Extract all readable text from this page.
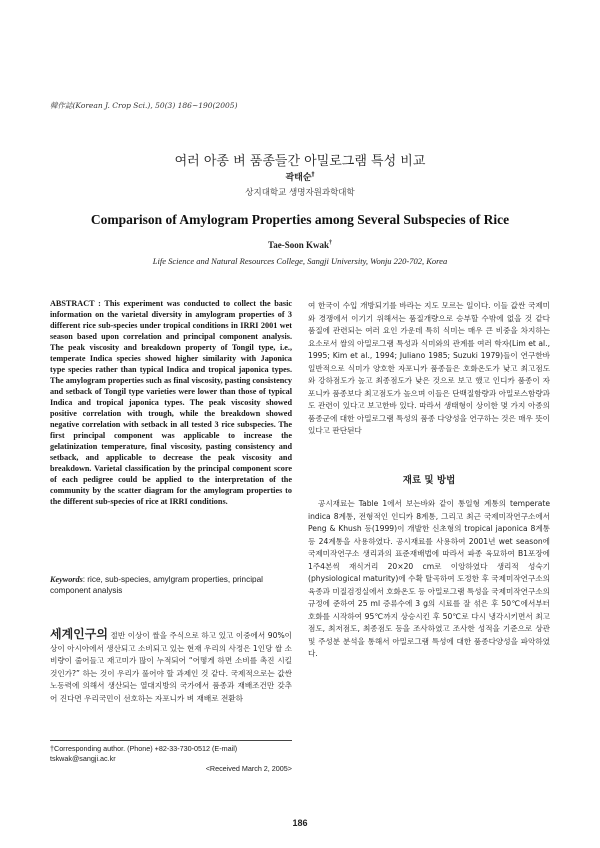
韓作誌(Korean J. Crop Sci.), 50(3) 186~190(2005)
여러 아종 벼 품종들간 아밀로그램 특성 비교
곽태순†
상지대학교 생명자원과학대학
Comparison of Amylogram Properties among Several Subspecies of Rice
Tae-Soon Kwak†
Life Science and Natural Resources College, Sangji University, Wonju 220-702, Korea
ABSTRACT : This experiment was conducted to collect the basic information on the varietal diversity in amylogram properties of 3 different rice sub-species under tropical conditions in IRRI 2001 wet season based upon correlation and principal component analysis. The peak viscosity and breakdown property of Tongil type, i.e., temperate Indica species showed higher similarity with Japonica type species rather than typical Indica and tropical japonica types. The amylogram properties such as final viscosity, pasting consistency and setback of Tongil type varieties were lower than those of typical Indica and tropical japonica types. The peak viscosity showed positive correlation with trough, while the breakdown showed negative correlation with setback in all tested 3 rice subspecies. The first principal component was applicable to increase the gelatinization temperature, final viscosity, pasting consistency and setback, and applicable to decrease the peak viscosity and breakdown. Varietal classification by the principal component score of each pedigree could be applied to the interpretation of the community by the scatter diagram for the amylogram properties to the different sub-species of rice at IRRI conditions.
Keywords: rice, sub-species, amylgram properties, principal component analysis
세계인구의 절반 이상이 쌀을 주식으로 하고 있고 이중에서 90%이상이 아시아에서 생산되고 소비되고 있는 현재 우리의 사정은 1인당 쌀 소비량이 줄어들고 재고미가 많이 누적되어 “어떻게 하면 소비를 촉진 시킬 것인가?” 하는 것이 우리가 풀어야 할 과제인 것 같다. 국제적으로는 값싼 노동력에 의해서 생산되는 열대지방의 국가에서 품종과 재배조건만 갖추어 진다면 우리국민이 선호하는 자포니카 벼 재배로 전환하
†Corresponding author. (Phone) +82-33-730-0512 (E-mail) tskwak@sangji.ac.kr
<Received March 2, 2005>
여 한국이 수입 개방되기를 바라는 지도 모르는 일이다. 이들 값싼 국제미와 경쟁에서 이기기 위해서는 품질개량으로 승부할 수밖에 없을 것 같다 품질에 관련되는 여러 요인 가운데 특히 식미는 매우 큰 비중을 차지하는 요소로서 쌀의 아밀로그램 특성과 식미와의 관계를 여러 학자(Lim et al., 1995; Kim et al., 1994; Juliano 1985; Suzuki 1979)들이 연구한바 일반적으로 식미가 양호한 자포니카 품종들은 호화온도가 낮고 최고점도와 강하점도가 높고 최종점도가 낮은 것으로 보고 했고 인디카 품종이 자포니카 품종보다 최고점도가 높으며 이들은 단백질함량과 아밀로스함량과도 관련이 있다고 보고한바 있다. 따라서 생태형이 상이한 몇 가지 아종의 품종군에 대한 아밀로그램 특성의 품종 다양성을 연구하는 것은 매우 뜻이 있다고 판단된다
재료 및 방법
공시재료는 Table 1에서 보는바와 같이 통일형 계통의 temperate indica 8계통, 전형적인 인디카 8계통, 그리고 최근 국제미작연구소에서 Peng & Khush 등(1999)이 개발한 신초형의 tropical japonica 8계통 등 24계통을 사용하였다. 공시재료를 사용하여 2001년 wet season에 국제미작연구소 생리과의 표준재배법에 따라서 파종 육묘하여 B1포장에 1주4본씩 재식거리 20×20 cm로 이앙하였다 생리적 성숙기(physiological maturity)에 수확 탈곡하여 도정한 후 국제미작연구소의 육종과 미질검정실에서 호화온도 등 아밀로그램 특성을 국제미작연구소의 규정에 준하여 25 ml 증류수에 3 g의 시료를 잘 섞은 후 50℃에서부터 호화를 시작하여 95℃까지 상승시킨 후 50℃로 다시 냉각시키면서 최고점도, 최저점도, 최종점도 등을 조사하였고 조사한 성적을 기준으로 상관 및 주성분 분석을 통해서 아밀로그램 특성에 대한 품종다양성을 파악하였다.
186
